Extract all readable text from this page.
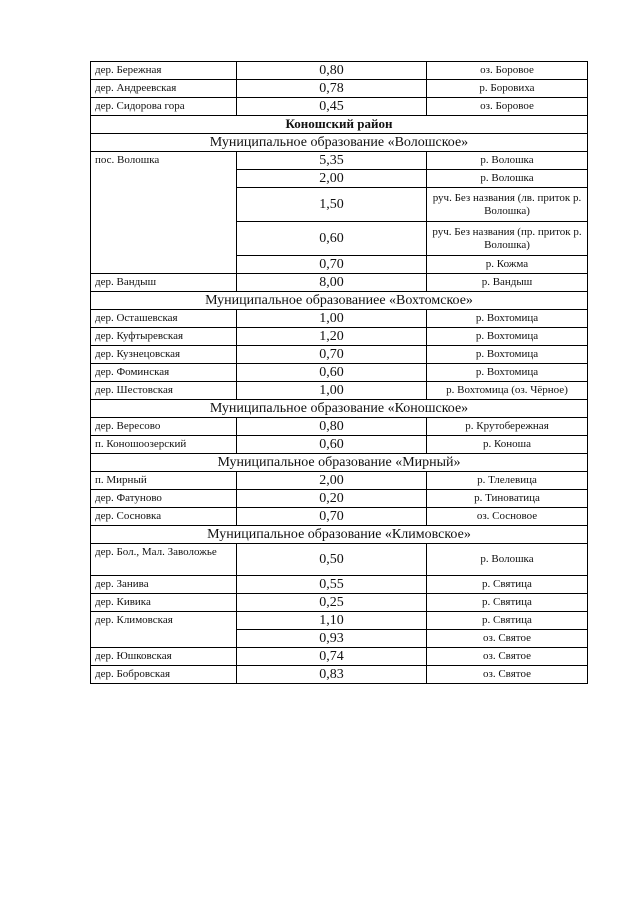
дер. Бережная	0,80	оз. Боровое
дер. Андреевская	0,78	р. Боровиха
дер. Сидорова гора	0,45	оз. Боровое
Коношский район		
Муниципальное образование «Волошское»		
пос. Волошка	5,35	р. Волошка
	2,00	р. Волошка
	1,50	руч. Без названия (лв. приток р. Волошка)
	0,60	руч. Без названия (пр. приток р. Волошка)
	0,70	р. Кожма
дер. Вандыш	8,00	р. Вандыш
Муниципальное образованиее «Вохтомское»		
дер. Осташевская	1,00	р. Вохтомица
дер. Куфтыревская	1,20	р. Вохтомица
дер. Кузнецовская	0,70	р. Вохтомица
дер. Фоминская	0,60	р. Вохтомица
дер. Шестовская	1,00	р. Вохтомица (оз. Чёрное)
Муниципальное образование «Коношское»		
дер. Вересово	0,80	р. Крутобережная
п. Коношоозерский	0,60	р. Коноша
Муниципальное образование «Мирный»		
п. Мирный	2,00	р. Тлелевица
дер. Фатуново	0,20	р. Тиноватица
дер. Сосновка	0,70	оз. Сосновое
Муниципальное образование «Климовское»		
дер. Бол., Мал. Заволожье	0,50	р. Волошка
дер. Занива	0,55	р. Святица
дер. Кивика	0,25	р. Святица
дер. Климовская	1,10	р. Святица
	0,93	оз. Святое
дер. Юшковская	0,74	оз. Святое
дер. Бобровская	0,83	оз. Святое
